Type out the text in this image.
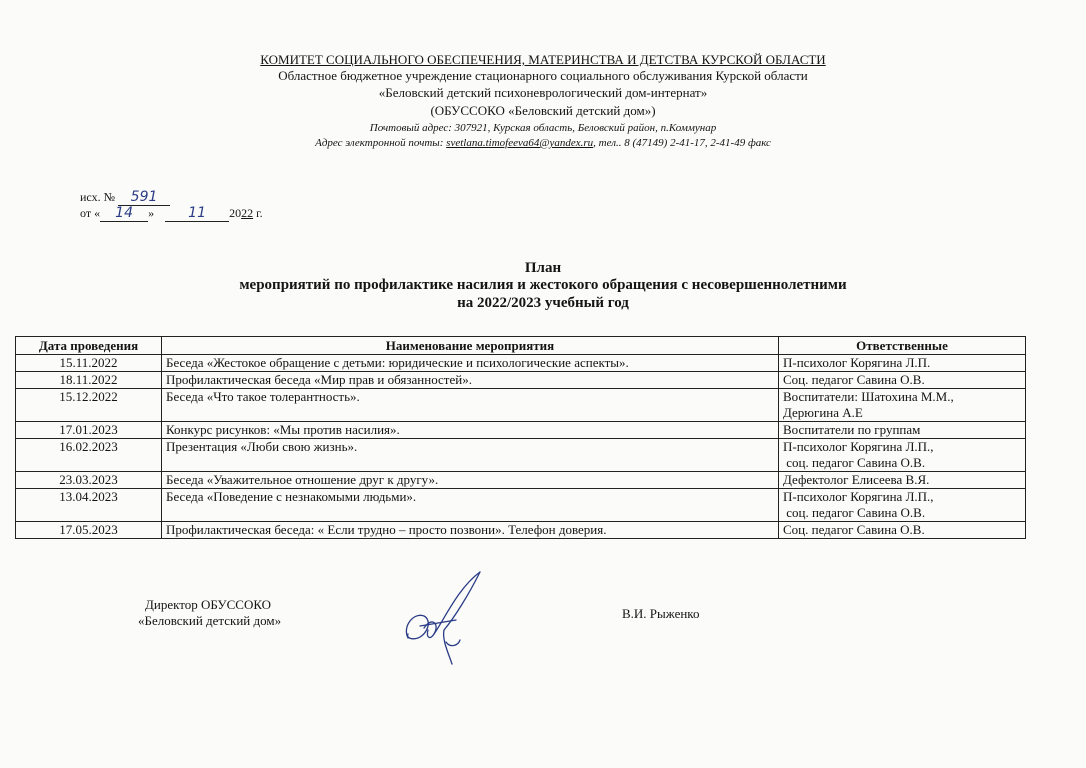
КОМИТЕТ СОЦИАЛЬНОГО ОБЕСПЕЧЕНИЯ, МАТЕРИНСТВА И ДЕТСТВА КУРСКОЙ ОБЛАСТИ
Областное бюджетное учреждение стационарного социального обслуживания Курской области
«Беловский детский психоневрологический дом-интернат»
(ОБУССОКО «Беловский детский дом»)
Почтовый адрес: 307921, Курская область, Беловский район, п.Коммунар
Адрес электронной почты: svetlana.timofeeva64@yandex.ru, тел.. 8 (47149) 2-41-17, 2-41-49 факс
исх. № 591
от « 14 » 11 2022 г.
План
мероприятий по профилактике насилия и жестокого обращения с несовершеннолетними
на 2022/2023 учебный год
Дата проведения	Наименование мероприятия	Ответственные
15.11.2022	Беседа «Жестокое обращение с детьми: юридические и психологические аспекты».	П-психолог Корягина Л.П.

18.11.2022	Профилактическая беседа «Мир прав и обязанностей».	Соц. педагог Савина О.В.

15.12.2022	Беседа «Что такое толерантность».	Воспитатели: Шатохина М.М.,
Дерюгина А.Е

17.01.2023	Конкурс рисунков: «Мы против насилия».	Воспитатели по группам

16.02.2023	Презентация «Люби свою жизнь».	П-психолог Корягина Л.П.,
соц. педагог Савина О.В.

23.03.2023	Беседа «Уважительное отношение друг к другу».	Дефектолог Елисеева В.Я.

13.04.2023	Беседа «Поведение с незнакомыми людьми».	П-психолог Корягина Л.П.,
соц. педагог Савина О.В.

17.05.2023	Профилактическая беседа: « Если трудно – просто позвони». Телефон доверия.	Соц. педагог Савина О.В.
Директор ОБУССОКО
«Беловский детский дом»	В.И. Рыженко
